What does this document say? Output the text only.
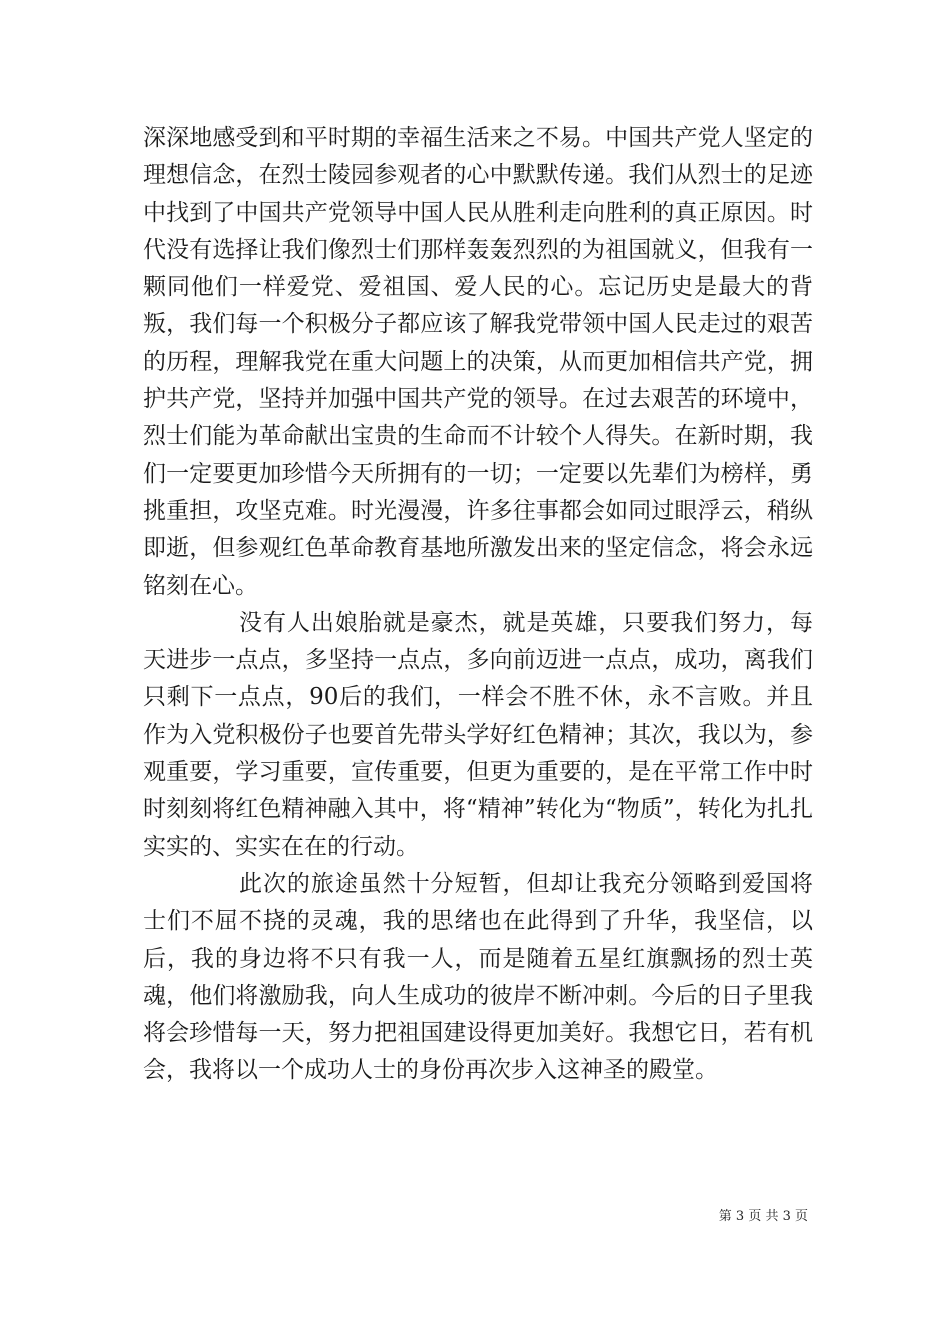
深深地感受到和平时期的幸福生活来之不易。中国共产党人坚定的理想信念，在烈士陵园参观者的心中默默传递。我们从烈士的足迹中找到了中国共产党领导中国人民从胜利走向胜利的真正原因。时代没有选择让我们像烈士们那样轰轰烈烈的为祖国就义，但我有一颗同他们一样爱党、爱祖国、爱人民的心。忘记历史是最大的背叛，我们每一个积极分子都应该了解我党带领中国人民走过的艰苦的历程，理解我党在重大问题上的决策，从而更加相信共产党，拥护共产党，坚持并加强中国共产党的领导。在过去艰苦的环境中，烈士们能为革命献出宝贵的生命而不计较个人得失。在新时期，我们一定要更加珍惜今天所拥有的一切；一定要以先辈们为榜样，勇挑重担，攻坚克难。时光漫漫，许多往事都会如同过眼浮云，稍纵即逝，但参观红色革命教育基地所激发出来的坚定信念，将会永远铭刻在心。

没有人出娘胎就是豪杰，就是英雄，只要我们努力，每天进步一点点，多坚持一点点，多向前迈进一点点，成功，离我们只剩下一点点，90后的我们，一样会不胜不休，永不言败。并且作为入党积极份子也要首先带头学好红色精神；其次，我以为，参观重要，学习重要，宣传重要，但更为重要的，是在平常工作中时时刻刻将红色精神融入其中，将“精神”转化为“物质”，转化为扎扎实实的、实实在在的行动。

此次的旅途虽然十分短暂，但却让我充分领略到爱国将士们不屈不挠的灵魂，我的思绪也在此得到了升华，我坚信，以后，我的身边将不只有我一人，而是随着五星红旗飘扬的烈士英魂，他们将激励我，向人生成功的彼岸不断冲刺。今后的日子里我将会珍惜每一天，努力把祖国建设得更加美好。我想它日，若有机会，我将以一个成功人士的身份再次步入这神圣的殿堂。

第 3 页 共 3 页
